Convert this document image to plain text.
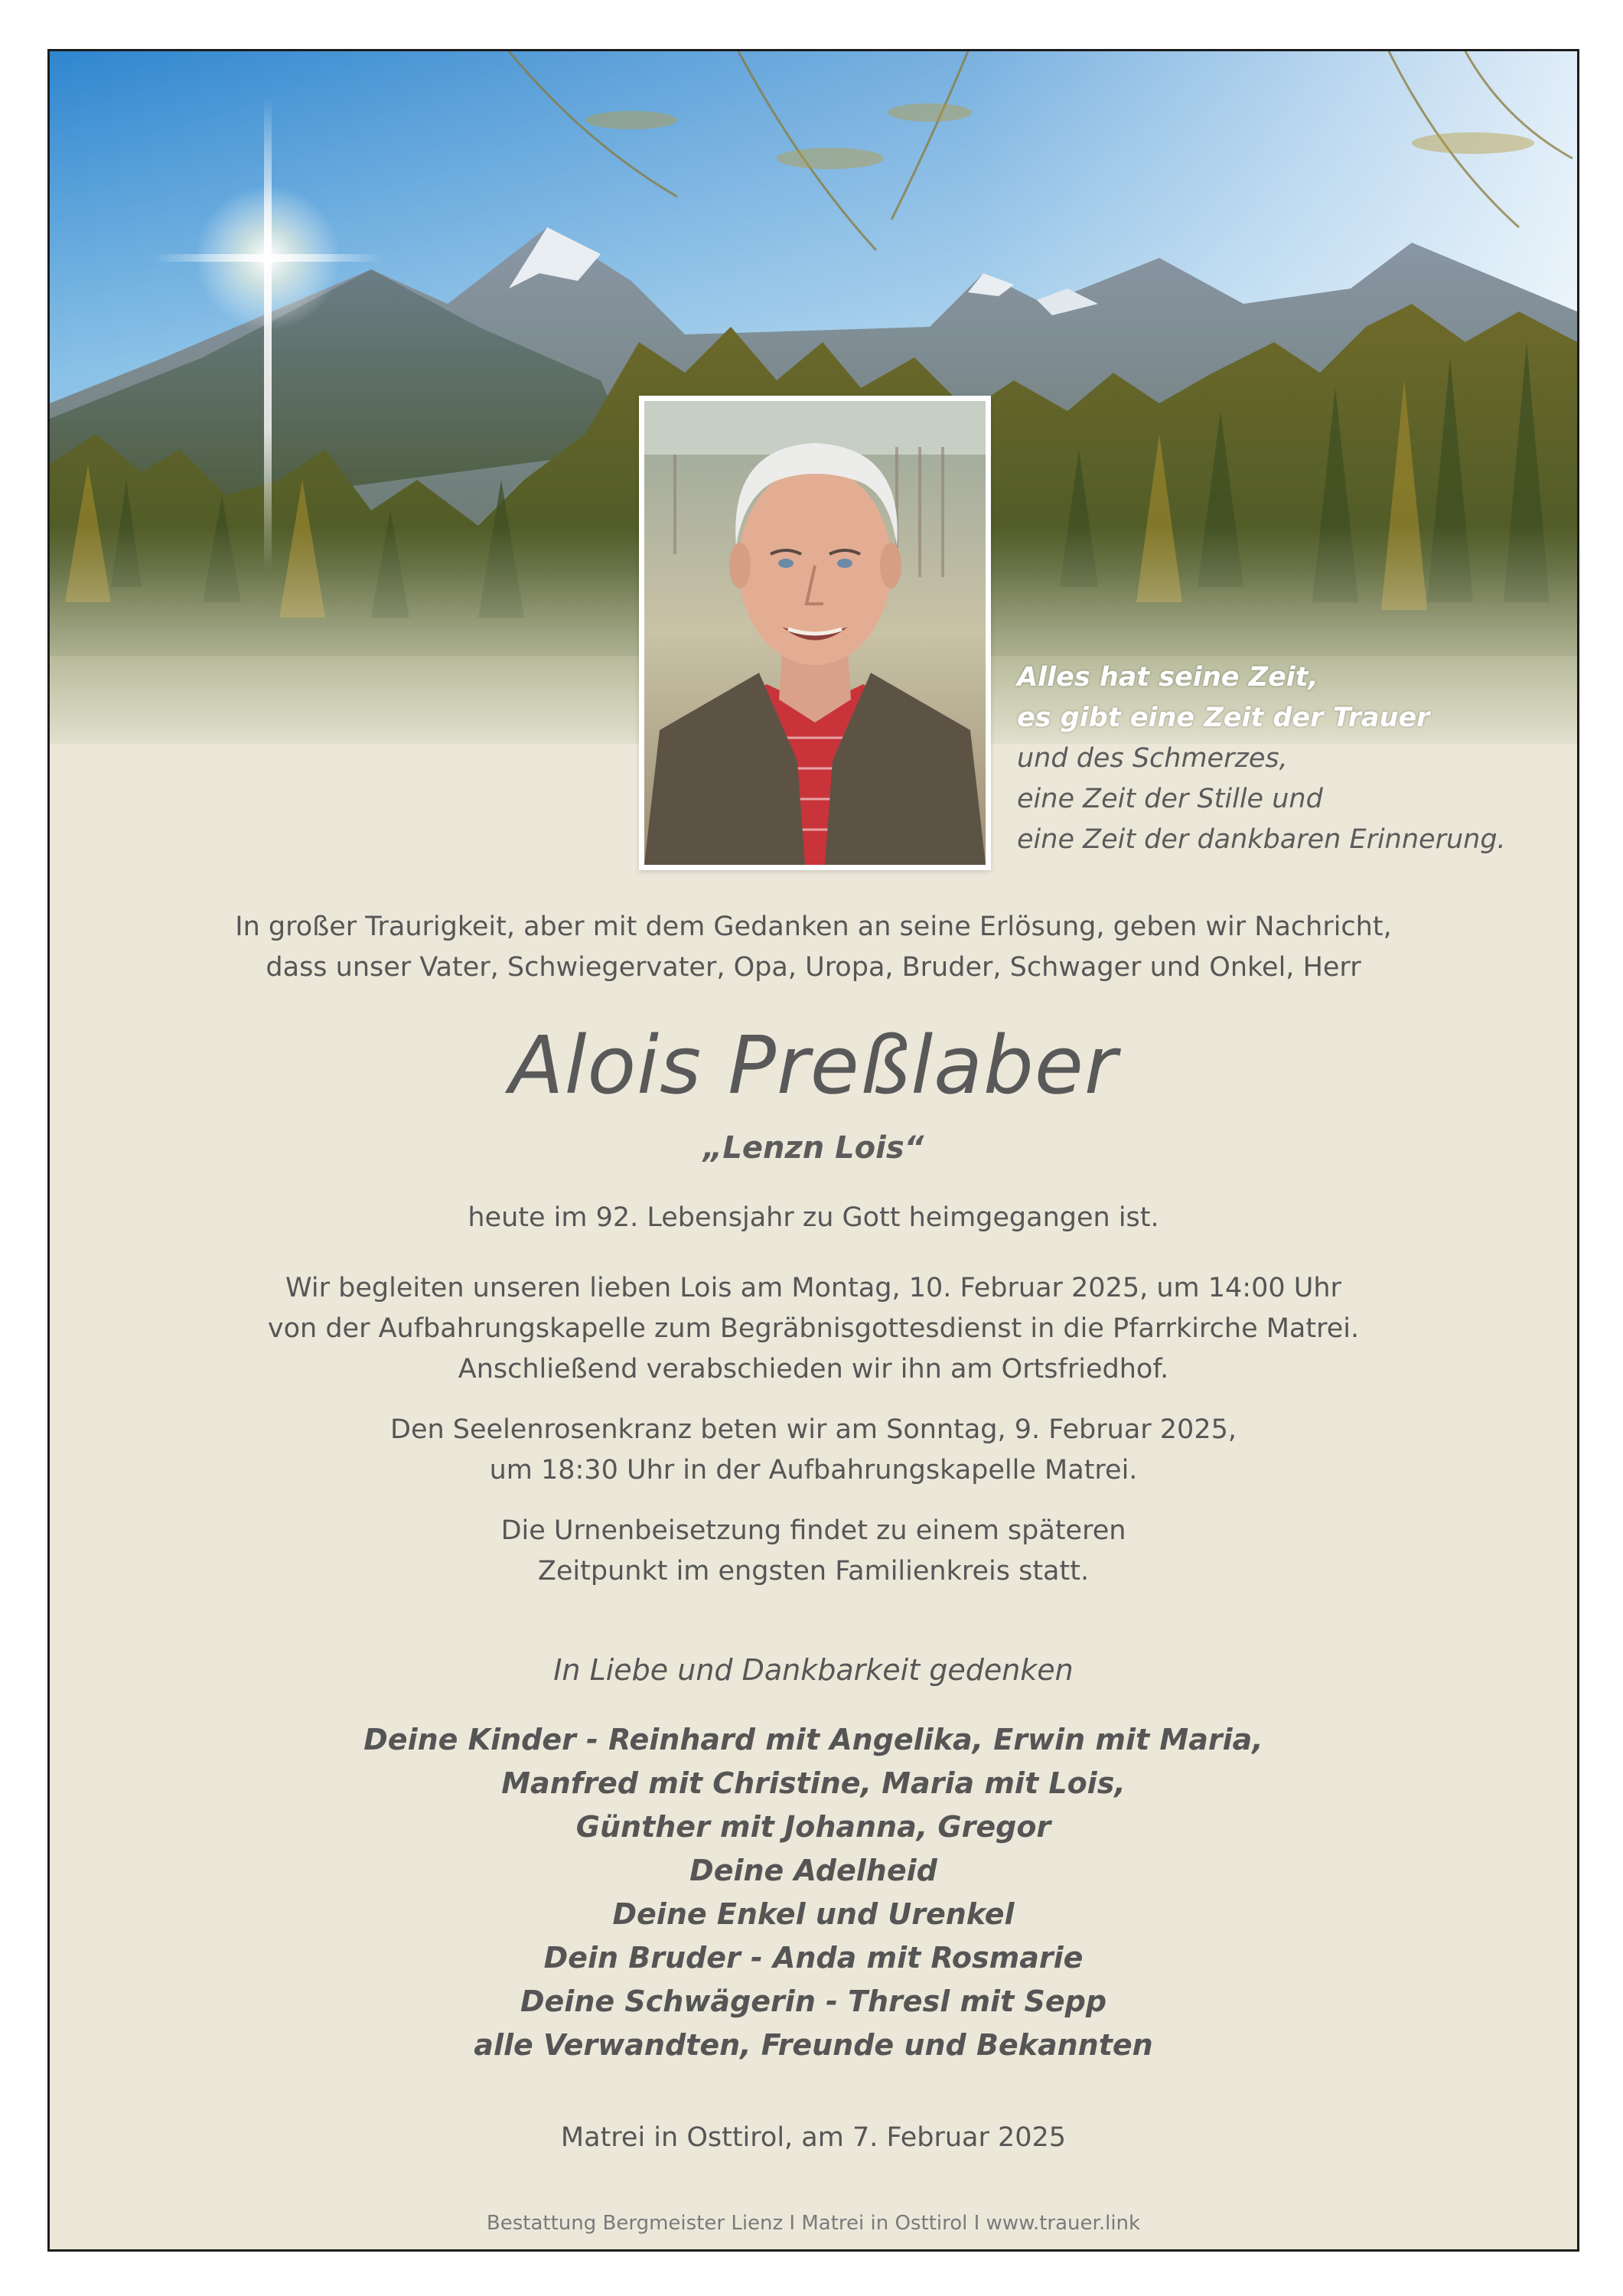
Alles hat seine Zeit,
es gibt eine Zeit der Trauer
und des Schmerzes,
eine Zeit der Stille und
eine Zeit der dankbaren Erinnerung.
In großer Traurigkeit, aber mit dem Gedanken an seine Erlösung, geben wir Nachricht,
dass unser Vater, Schwiegervater, Opa, Uropa, Bruder, Schwager und Onkel, Herr
Alois Preßlaber
„Lenzn Lois“
heute im 92. Lebensjahr zu Gott heimgegangen ist.
Wir begleiten unseren lieben Lois am Montag, 10. Februar 2025, um 14:00 Uhr
von der Aufbahrungskapelle zum Begräbnisgottesdienst in die Pfarrkirche Matrei.
Anschließend verabschieden wir ihn am Ortsfriedhof.
Den Seelenrosenkranz beten wir am Sonntag, 9. Februar 2025,
um 18:30 Uhr in der Aufbahrungskapelle Matrei.
Die Urnenbeisetzung findet zu einem späteren
Zeitpunkt im engsten Familienkreis statt.
In Liebe und Dankbarkeit gedenken
Deine Kinder - Reinhard mit Angelika, Erwin mit Maria,
Manfred mit Christine, Maria mit Lois,
Günther mit Johanna, Gregor
Deine Adelheid
Deine Enkel und Urenkel
Dein Bruder - Anda mit Rosmarie
Deine Schwägerin - Thresl mit Sepp
alle Verwandten, Freunde und Bekannten
Matrei in Osttirol, am 7. Februar 2025
Bestattung Bergmeister Lienz I Matrei in Osttirol I www.trauer.link
